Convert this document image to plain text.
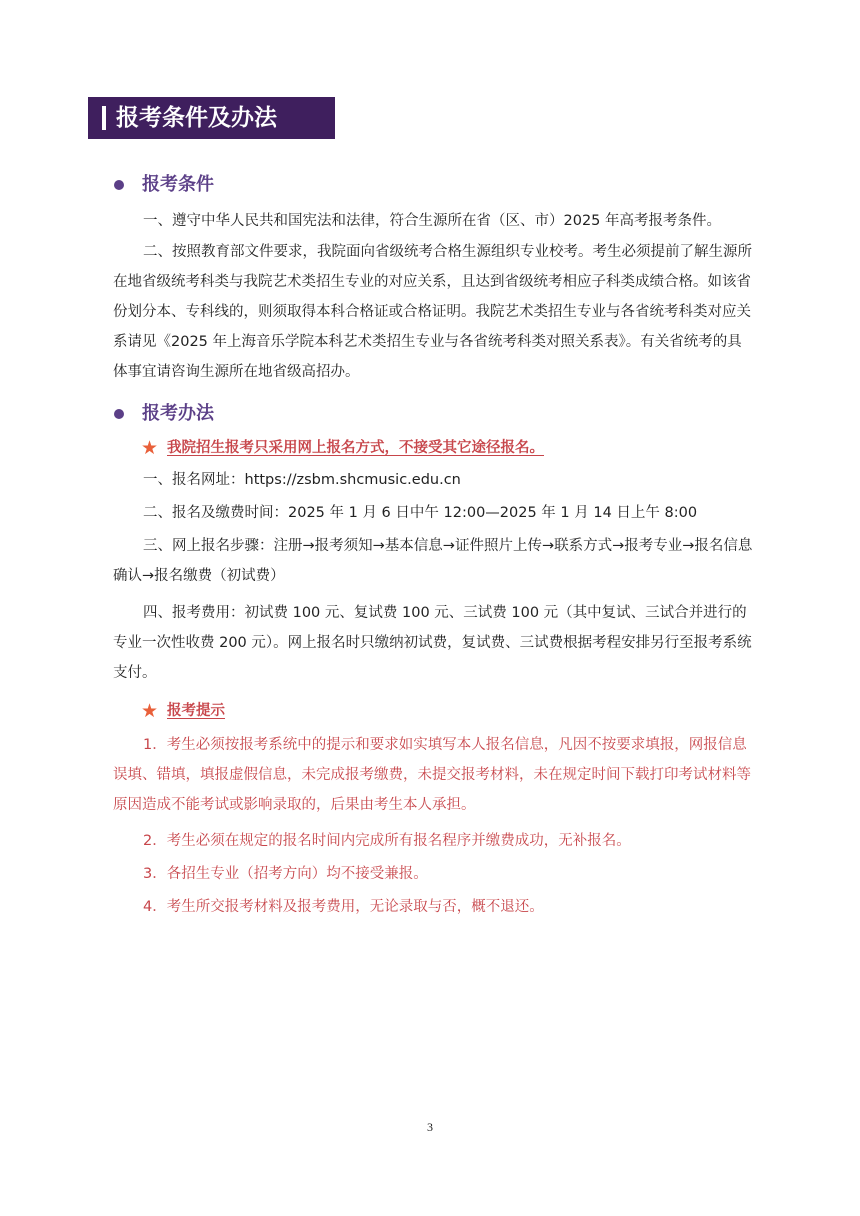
报考条件及办法
报考条件
一、遵守中华人民共和国宪法和法律，符合生源所在省（区、市）2025 年高考报考条件。
二、按照教育部文件要求，我院面向省级统考合格生源组织专业校考。考生必须提前了解生源所在地省级统考科类与我院艺术类招生专业的对应关系，且达到省级统考相应子科类成绩合格。如该省份划分本、专科线的，则须取得本科合格证或合格证明。我院艺术类招生专业与各省统考科类对应关系请见《2025 年上海音乐学院本科艺术类招生专业与各省统考科类对照关系表》。有关省统考的具体事宜请咨询生源所在地省级高招办。
报考办法
★ 我院招生报考只采用网上报名方式，不接受其它途径报名。
一、报名网址：https://zsbm.shcmusic.edu.cn
二、报名及缴费时间：2025 年 1 月 6 日中午 12:00—2025 年 1 月 14 日上午 8:00
三、网上报名步骤：注册→报考须知→基本信息→证件照片上传→联系方式→报考专业→报名信息确认→报名缴费（初试费）
四、报考费用：初试费 100 元、复试费 100 元、三试费 100 元（其中复试、三试合并进行的专业一次性收费 200 元）。网上报名时只缴纳初试费，复试费、三试费根据考程安排另行至报考系统支付。
★ 报考提示
1．考生必须按报考系统中的提示和要求如实填写本人报名信息，凡因不按要求填报，网报信息误填、错填，填报虚假信息，未完成报考缴费，未提交报考材料，未在规定时间下载打印考试材料等原因造成不能考试或影响录取的，后果由考生本人承担。
2．考生必须在规定的报名时间内完成所有报名程序并缴费成功，无补报名。
3．各招生专业（招考方向）均不接受兼报。
4．考生所交报考材料及报考费用，无论录取与否，概不退还。
3
